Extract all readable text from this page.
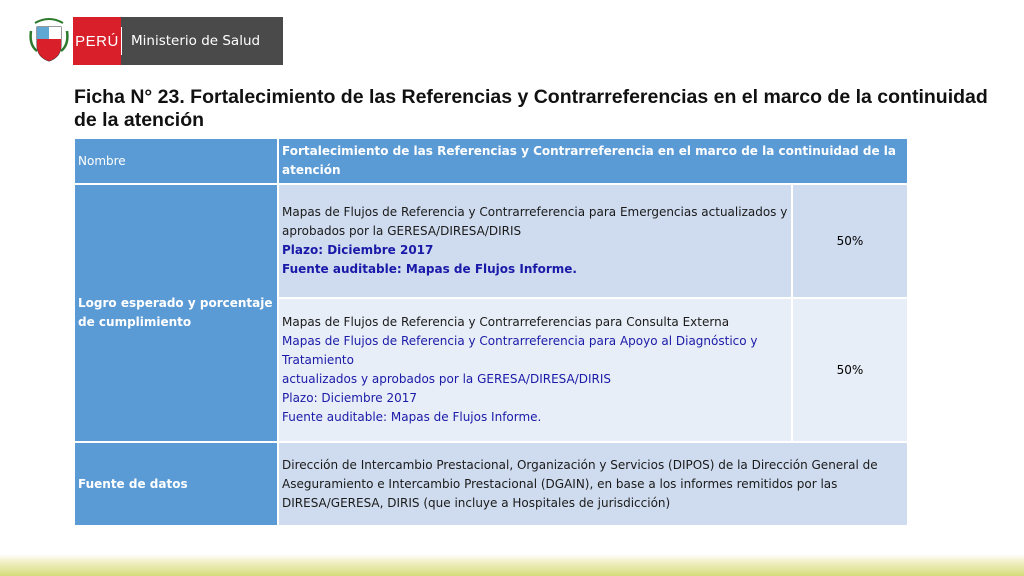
PERÚ Ministerio de Salud
Ficha N° 23. Fortalecimiento de las Referencias y Contrarreferencias en el marco de la continuidad de la atención
Nombre	Fortalecimiento de las Referencias y Contrarreferencia en el marco de la continuidad de la atención	
Logro esperado y porcentaje de cumplimiento	Mapas de Flujos de Referencia y Contrarreferencia para Emergencias actualizados y aprobados por la GERESA/DIRESA/DIRIS
Plazo: Diciembre 2017
Fuente auditable: Mapas de Flujos Informe.	50%

	Mapas de Flujos de Referencia y Contrarreferencias para Consulta Externa
Mapas de Flujos de Referencia y Contrarreferencia para Apoyo al Diagnóstico y Tratamiento
actualizados y aprobados por la GERESA/DIRESA/DIRIS
Plazo: Diciembre 2017
Fuente auditable: Mapas de Flujos Informe.	50%
Fuente de datos	Dirección de Intercambio Prestacional, Organización y Servicios (DIPOS) de la Dirección General de Aseguramiento e Intercambio Prestacional (DGAIN), en base a los informes remitidos por las DIRESA/GERESA, DIRIS (que incluye a Hospitales de jurisdicción)	
